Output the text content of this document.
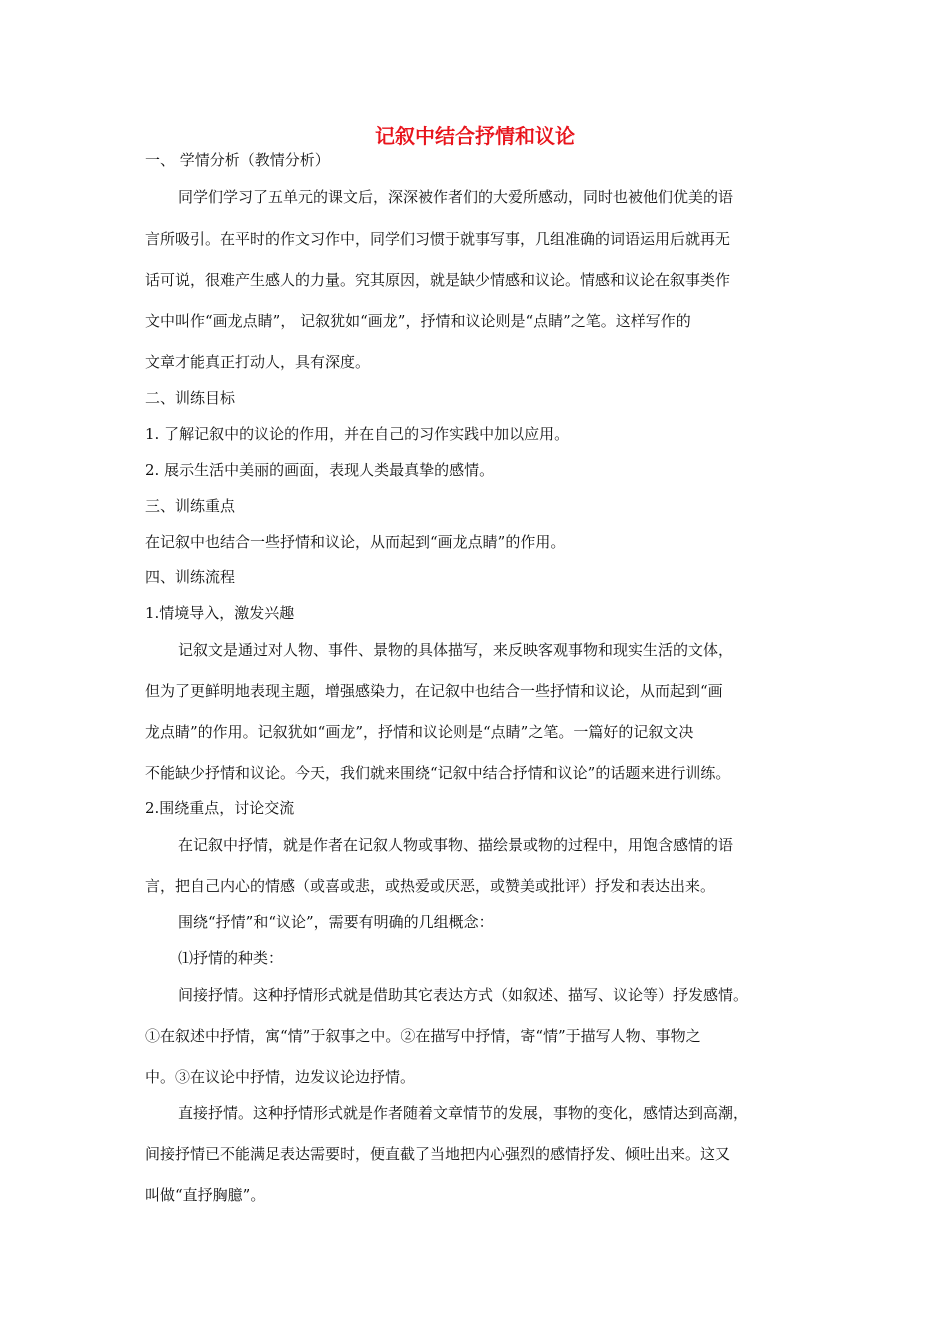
记叙中结合抒情和议论

一、 学情分析（教情分析）

同学们学习了五单元的课文后，深深被作者们的大爱所感动，同时也被他们优美的语

言所吸引。在平时的作文习作中，同学们习惯于就事写事，几组准确的词语运用后就再无

话可说，很难产生感人的力量。究其原因，就是缺少情感和议论。情感和议论在叙事类作

文中叫作“画龙点睛”， 记叙犹如“画龙”，抒情和议论则是“点睛”之笔。这样写作的

文章才能真正打动人，具有深度。

二、训练目标

1. 了解记叙中的议论的作用，并在自己的习作实践中加以应用。

2. 展示生活中美丽的画面，表现人类最真挚的感情。

三、训练重点

在记叙中也结合一些抒情和议论，从而起到“画龙点睛”的作用。

四、训练流程

1.情境导入，激发兴趣

记叙文是通过对人物、事件、景物的具体描写，来反映客观事物和现实生活的文体，

但为了更鲜明地表现主题，增强感染力，在记叙中也结合一些抒情和议论，从而起到“画

龙点睛”的作用。记叙犹如“画龙”，抒情和议论则是“点睛”之笔。一篇好的记叙文决

不能缺少抒情和议论。今天，我们就来围绕“记叙中结合抒情和议论”的话题来进行训练。

2.围绕重点，讨论交流

在记叙中抒情，就是作者在记叙人物或事物、描绘景或物的过程中，用饱含感情的语

言，把自己内心的情感（或喜或悲，或热爱或厌恶，或赞美或批评）抒发和表达出来。

围绕“抒情”和“议论”，需要有明确的几组概念：

⑴抒情的种类：

间接抒情。这种抒情形式就是借助其它表达方式（如叙述、描写、议论等）抒发感情。

①在叙述中抒情，寓“情”于叙事之中。②在描写中抒情，寄“情”于描写人物、事物之

中。③在议论中抒情，边发议论边抒情。

直接抒情。这种抒情形式就是作者随着文章情节的发展，事物的变化，感情达到高潮，

间接抒情已不能满足表达需要时，便直截了当地把内心强烈的感情抒发、倾吐出来。这又

叫做“直抒胸臆”。
